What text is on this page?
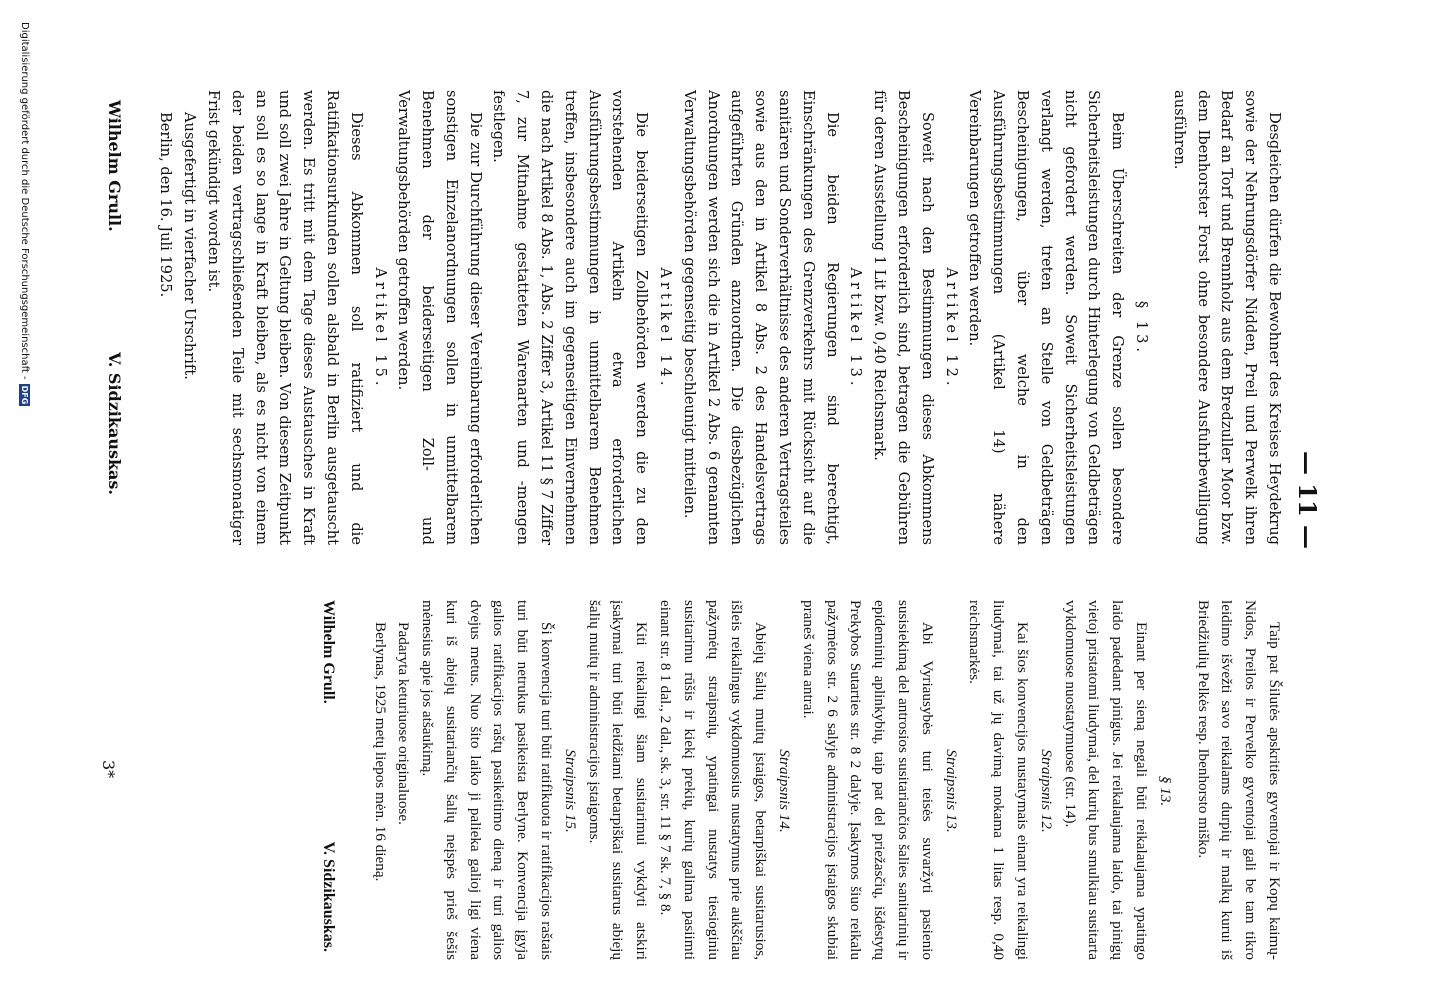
— 11 —

Desgleichen dürfen die Bewohner des Kreises Heydekrug sowie der Nehrungsdörfer Nidden, Preil und Perwelk ihren Bedarf an Torf und Brennholz aus dem Bredzuller Moor bzw. dem Ibenhorster Forst ohne besondere Ausfuhrbewilligung ausführen.

§ 13.

Beim Überschreiten der Grenze sollen besondere Sicherheitsleistungen durch Hinterlegung von Geldbeträgen nicht gefordert werden. Soweit Sicherheitsleistungen verlangt werden, treten an Stelle von Geldbeträgen Bescheinigungen, über welche in den Ausführungsbestimmungen (Artikel 14) nähere Vereinbarungen getroffen werden.

Artikel 12.

Soweit nach den Bestimmungen dieses Abkommens Bescheinigungen erforderlich sind, betragen die Gebühren für deren Ausstellung 1 Lit bzw. 0,40 Reichsmark.

Artikel 13.

Die beiden Regierungen sind berechtigt, Einschränkungen des Grenzverkehrs mit Rücksicht auf die sanitären und Sonderverhältnisse des anderen Vertragsteiles sowie aus den in Artikel 8 Abs. 2 des Handelsvertrags aufgeführten Gründen anzuordnen. Die diesbezüglichen Anordnungen werden sich die in Artikel 2 Abs. 6 genannten Verwaltungsbehörden gegenseitig beschleunigt mitteilen.

Artikel 14.

Die beiderseitigen Zollbehörden werden die zu den vorstehenden Artikeln etwa erforderlichen Ausführungsbestimmungen in unmittelbarem Benehmen treffen, insbesondere auch im gegenseitigen Einvernehmen die nach Artikel 8 Abs. 1, Abs. 2 Ziffer 3, Artikel 11 § 7 Ziffer 7, zur Mitnahme gestatteten Warenarten und -mengen festlegen.

Die zur Durchführung dieser Vereinbarung erforderlichen sonstigen Einzelanordnungen sollen in unmittelbarem Benehmen der beiderseitigen Zoll- und Verwaltungsbehörden getroffen werden.

Artikel 15.

Dieses Abkommen soll ratifiziert und die Ratifikationsurkunden sollen alsbald in Berlin ausgetauscht werden. Es tritt mit dem Tage dieses Austausches in Kraft und soll zwei Jahre in Geltung bleiben. Von diesem Zeitpunkt an soll es so lange in Kraft bleiben, als es nicht von einem der beiden vertragschließenden Teile mit sechsmonatiger Frist gekündigt worden ist.

Ausgefertigt in vierfacher Urschrift.

Berlin, den 16. Juli 1925.

Wilhelm Grull.
V. Sidzikauskas.

Taip pat Šilutės apskrities gyventojai ir Kopų kaimų-Nidos, Preilos ir Pervelko gyventojai gali be tam tikro leidimo išvežti savo reikalams durpių ir malkų kurui iš Briedžiulių Pelkės resp. Ibenhorsto miško.

§ 13.

Einant per sieną negali būti reikalaujama ypatingo laido padedant pinigus. Jei reikalaujama laido, tai pinigų vietoj pristatomi liudymai, del kurių bus smulkiau susitarta vykdomuose nuostatymuose (str. 14).

Straipsnis 12.

Kai šios konvencijos nustatymais einant yra reikalingi liudymai, tai už jų davimą mokama 1 litas resp. 0,40 reichsmarkės.

Straipsnis 13.

Abi Vyriausybės turi teisės suvaržyti pasienio susisiekimą del antrosios susitariančios šalies sanitarinių ir epideminių aplinkybių, taip pat del priežasčių, išdėstytų Prekybos Sutarties str. 8 2 dalyje. Įsakymos šiuo reikalu pažymėtos str. 2 6 salyje administracijos įstaigos skubiai praneš viena antrai.

Straipsnis 14.

Abiejų šalių muitų įstaigos, betarpiškai susitarusios, išleis reikalingus vykdomuosius nustatymus prie aukščiau pažymėtų straipsnių, ypatingai nustatys tiesioginiu susitarimu rūšis ir kiekį prekių, kurių galima pasiimti einant str. 8 1 dal., 2 dal., sk. 3, str. 11 § 7 sk. 7, § 8.

Kiti reikalingi šiam susitarimui vykdyti atskiri įsakymai turi būti leidžiami betarpiškai susitarus abiejų šalių muitų ir administracijos įstaigoms.

Straipsnis 15.

Ši konvencija turi būti ratifikuota ir ratifikacijos raštais turi būti netrukus pasikeista Berlyne. Konvencija įgyja galios ratifikacijos raštų pasikeitimo dieną ir turi galios dvejus metus. Nuo šito laiko ji palieka galioj ligi viena kuri iš abiejų susitariančių šalių neįspės prieš šešis mėnesius apie jos atšaukimą.

Padaryta keturiuose originaluose.

Berlynas, 1925 metų liepos mėn. 16 dieną.

Wilhelm Grull.
V. Sidzikauskas.

3*

Digitalisierung gefördert durch die Deutsche Forschungsgemeinschaft -
DFG
